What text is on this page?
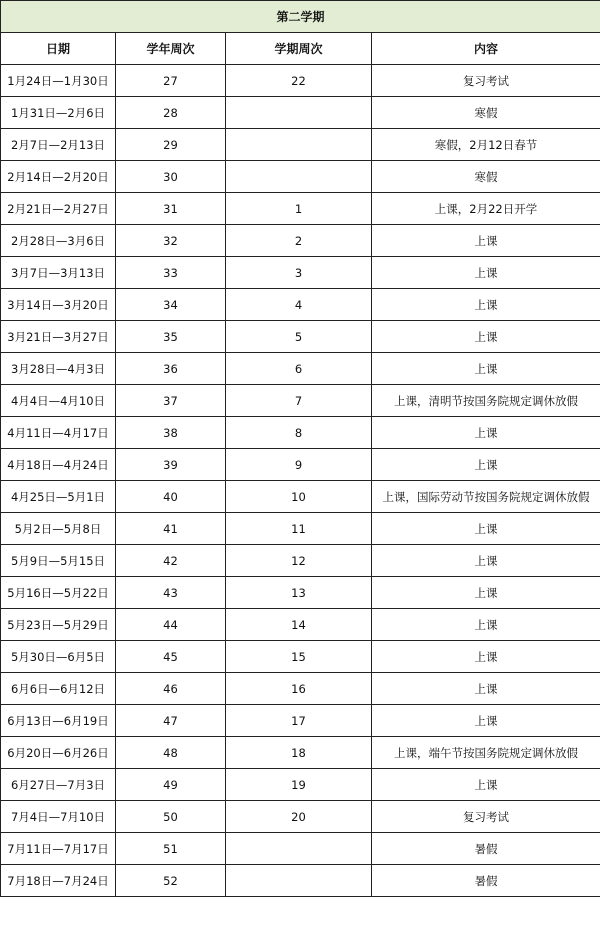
第二学期			
日期	学年周次	学期周次	内容
1月24日—1月30日	27	22	复习考试
1月31日—2月6日	28		寒假
2月7日—2月13日	29		寒假，2月12日春节
2月14日—2月20日	30		寒假
2月21日—2月27日	31	1	上课，2月22日开学
2月28日—3月6日	32	2	上课
3月7日—3月13日	33	3	上课
3月14日—3月20日	34	4	上课
3月21日—3月27日	35	5	上课
3月28日—4月3日	36	6	上课
4月4日—4月10日	37	7	上课，清明节按国务院规定调休放假
4月11日—4月17日	38	8	上课
4月18日—4月24日	39	9	上课
4月25日—5月1日	40	10	上课，国际劳动节按国务院规定调休放假
5月2日—5月8日	41	11	上课
5月9日—5月15日	42	12	上课
5月16日—5月22日	43	13	上课
5月23日—5月29日	44	14	上课
5月30日—6月5日	45	15	上课
6月6日—6月12日	46	16	上课
6月13日—6月19日	47	17	上课
6月20日—6月26日	48	18	上课，端午节按国务院规定调休放假
6月27日—7月3日	49	19	上课
7月4日—7月10日	50	20	复习考试
7月11日—7月17日	51		暑假
7月18日—7月24日	52		暑假
